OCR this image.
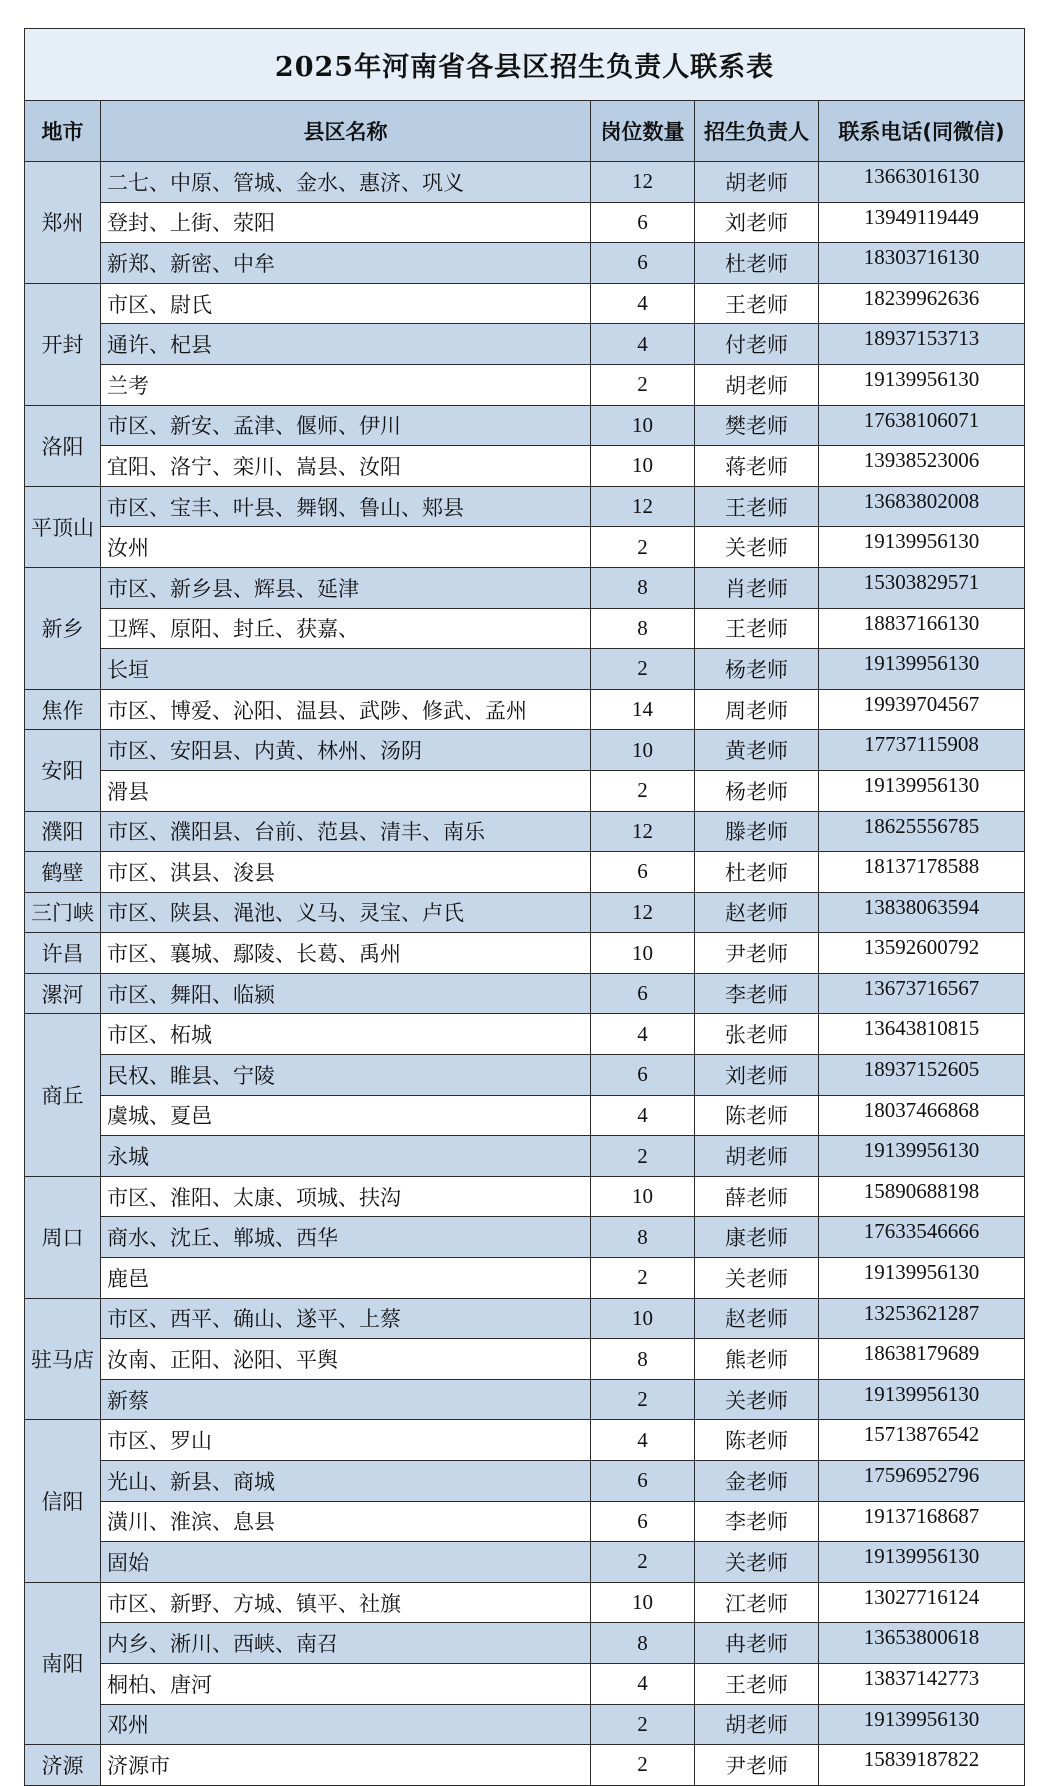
2025年河南省各县区招生负责人联系表				
地市	县区名称	岗位数量	招生负责人	联系电话(同微信)
郑州	二七、中原、管城、金水、惠济、巩义	12	胡老师	13663016130
	登封、上街、荥阳	6	刘老师	13949119449
	新郑、新密、中牟	6	杜老师	18303716130
开封	市区、尉氏	4	王老师	18239962636
	通许、杞县	4	付老师	18937153713
	兰考	2	胡老师	19139956130
洛阳	市区、新安、孟津、偃师、伊川	10	樊老师	17638106071
	宜阳、洛宁、栾川、嵩县、汝阳	10	蒋老师	13938523006
平顶山	市区、宝丰、叶县、舞钢、鲁山、郏县	12	王老师	13683802008
	汝州	2	关老师	19139956130
新乡	市区、新乡县、辉县、延津	8	肖老师	15303829571
	卫辉、原阳、封丘、获嘉、	8	王老师	18837166130
	长垣	2	杨老师	19139956130
焦作	市区、博爱、沁阳、温县、武陟、修武、孟州	14	周老师	19939704567
安阳	市区、安阳县、内黄、林州、汤阴	10	黄老师	17737115908
	滑县	2	杨老师	19139956130
濮阳	市区、濮阳县、台前、范县、清丰、南乐	12	滕老师	18625556785
鹤壁	市区、淇县、浚县	6	杜老师	18137178588
三门峡	市区、陕县、渑池、义马、灵宝、卢氏	12	赵老师	13838063594
许昌	市区、襄城、鄢陵、长葛、禹州	10	尹老师	13592600792
漯河	市区、舞阳、临颍	6	李老师	13673716567
商丘	市区、柘城	4	张老师	13643810815
	民权、睢县、宁陵	6	刘老师	18937152605
	虞城、夏邑	4	陈老师	18037466868
	永城	2	胡老师	19139956130
周口	市区、淮阳、太康、项城、扶沟	10	薛老师	15890688198
	商水、沈丘、郸城、西华	8	康老师	17633546666
	鹿邑	2	关老师	19139956130
驻马店	市区、西平、确山、遂平、上蔡	10	赵老师	13253621287
	汝南、正阳、泌阳、平舆	8	熊老师	18638179689
	新蔡	2	关老师	19139956130
信阳	市区、罗山	4	陈老师	15713876542
	光山、新县、商城	6	金老师	17596952796
	潢川、淮滨、息县	6	李老师	19137168687
	固始	2	关老师	19139956130
南阳	市区、新野、方城、镇平、社旗	10	江老师	13027716124
	内乡、淅川、西峡、南召	8	冉老师	13653800618
	桐柏、唐河	4	王老师	13837142773
	邓州	2	胡老师	19139956130
济源	济源市	2	尹老师	15839187822
